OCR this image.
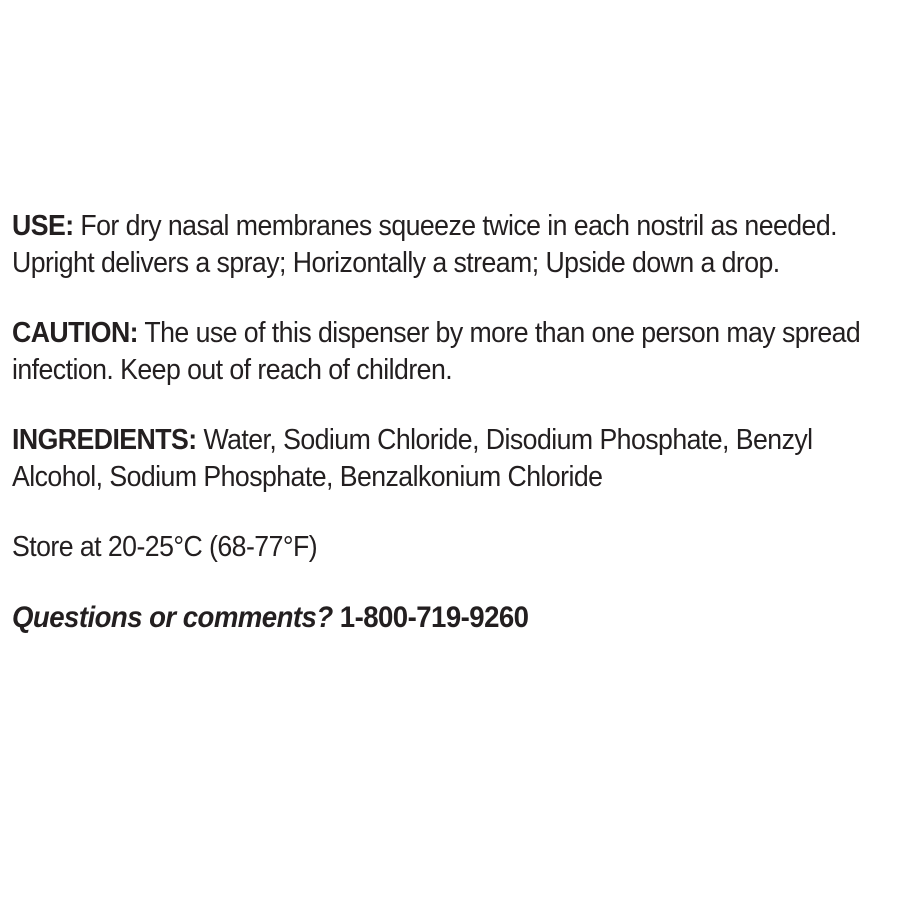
USE: For dry nasal membranes squeeze twice in each nostril as needed. Upright delivers a spray; Horizontally a stream; Upside down a drop.

CAUTION: The use of this dispenser by more than one person may spread infection. Keep out of reach of children.

INGREDIENTS: Water, Sodium Chloride, Disodium Phosphate, Benzyl Alcohol, Sodium Phosphate, Benzalkonium Chloride

Store at 20-25°C (68-77°F)

Questions or comments? 1-800-719-9260
